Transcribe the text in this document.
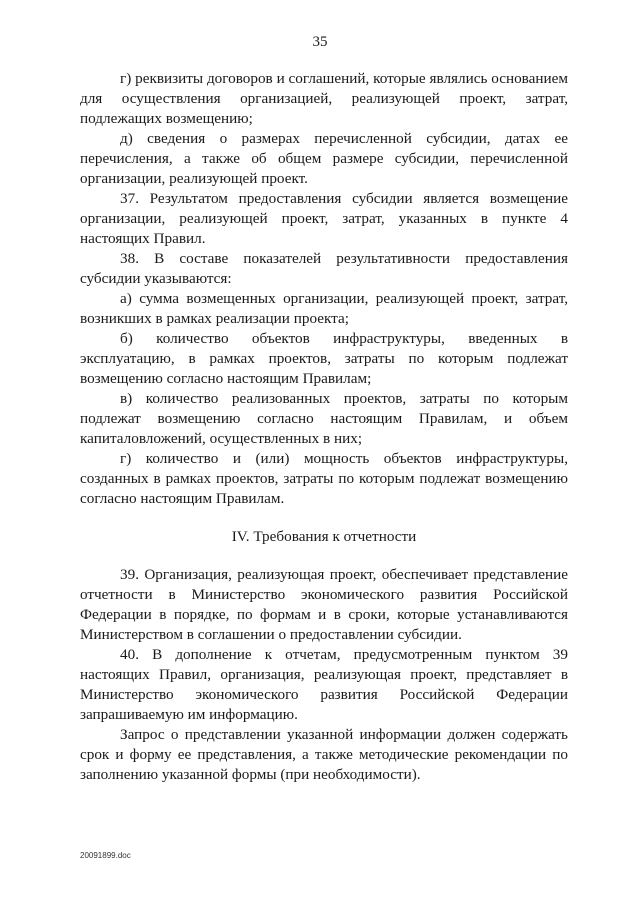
35

г) реквизиты договоров и соглашений, которые являлись основанием для осуществления организацией, реализующей проект, затрат, подлежащих возмещению;

д) сведения о размерах перечисленной субсидии, датах ее перечисления, а также об общем размере субсидии, перечисленной организации, реализующей проект.

37. Результатом предоставления субсидии является возмещение организации, реализующей проект, затрат, указанных в пункте 4 настоящих Правил.

38. В составе показателей результативности предоставления субсидии указываются:

а) сумма возмещенных организации, реализующей проект, затрат, возникших в рамках реализации проекта;

б) количество объектов инфраструктуры, введенных в эксплуатацию, в рамках проектов, затраты по которым подлежат возмещению согласно настоящим Правилам;

в) количество реализованных проектов, затраты по которым подлежат возмещению согласно настоящим Правилам, и объем капиталовложений, осуществленных в них;

г) количество и (или) мощность объектов инфраструктуры, созданных в рамках проектов, затраты по которым подлежат возмещению согласно настоящим Правилам.

IV. Требования к отчетности

39. Организация, реализующая проект, обеспечивает представление отчетности в Министерство экономического развития Российской Федерации в порядке, по формам и в сроки, которые устанавливаются Министерством в соглашении о предоставлении субсидии.

40. В дополнение к отчетам, предусмотренным пунктом 39 настоящих Правил, организация, реализующая проект, представляет в Министерство экономического развития Российской Федерации запрашиваемую им информацию.

Запрос о представлении указанной информации должен содержать срок и форму ее представления, а также методические рекомендации по заполнению указанной формы (при необходимости).

20091899.doc
